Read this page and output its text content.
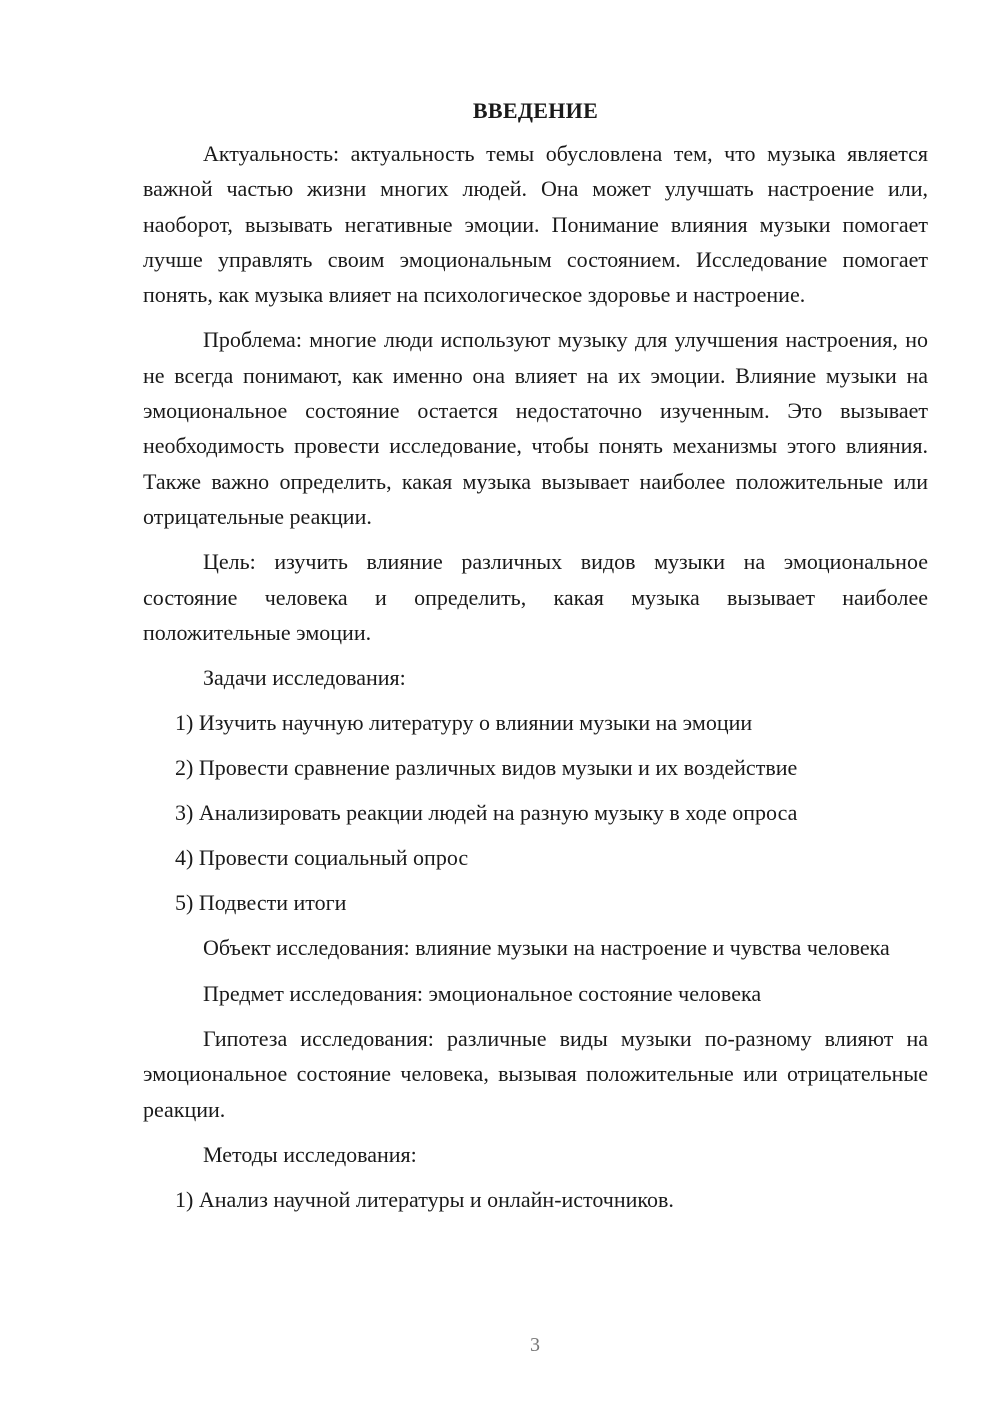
ВВЕДЕНИЕ

Актуальность: актуальность темы обусловлена тем, что музыка является важной частью жизни многих людей. Она может улучшать настроение или, наоборот, вызывать негативные эмоции. Понимание влияния музыки помогает лучше управлять своим эмоциональным состоянием. Исследование помогает понять, как музыка влияет на психологическое здоровье и настроение.

Проблема: многие люди используют музыку для улучшения настроения, но не всегда понимают, как именно она влияет на их эмоции. Влияние музыки на эмоциональное состояние остается недостаточно изученным. Это вызывает необходимость провести исследование, чтобы понять механизмы этого влияния. Также важно определить, какая музыка вызывает наиболее положительные или отрицательные реакции.

Цель: изучить влияние различных видов музыки на эмоциональное состояние человека и определить, какая музыка вызывает наиболее положительные эмоции.

Задачи исследования:

1) Изучить научную литературу о влиянии музыки на эмоции
2) Провести сравнение различных видов музыки и их воздействие
3) Анализировать реакции людей на разную музыку в ходе опроса
4) Провести социальный опрос
5) Подвести итоги

Объект исследования: влияние музыки на настроение и чувства человека

Предмет исследования: эмоциональное состояние человека

Гипотеза исследования: различные виды музыки по-разному влияют на эмоциональное состояние человека, вызывая положительные или отрицательные реакции.

Методы исследования:

1) Анализ научной литературы и онлайн-источников.
3
